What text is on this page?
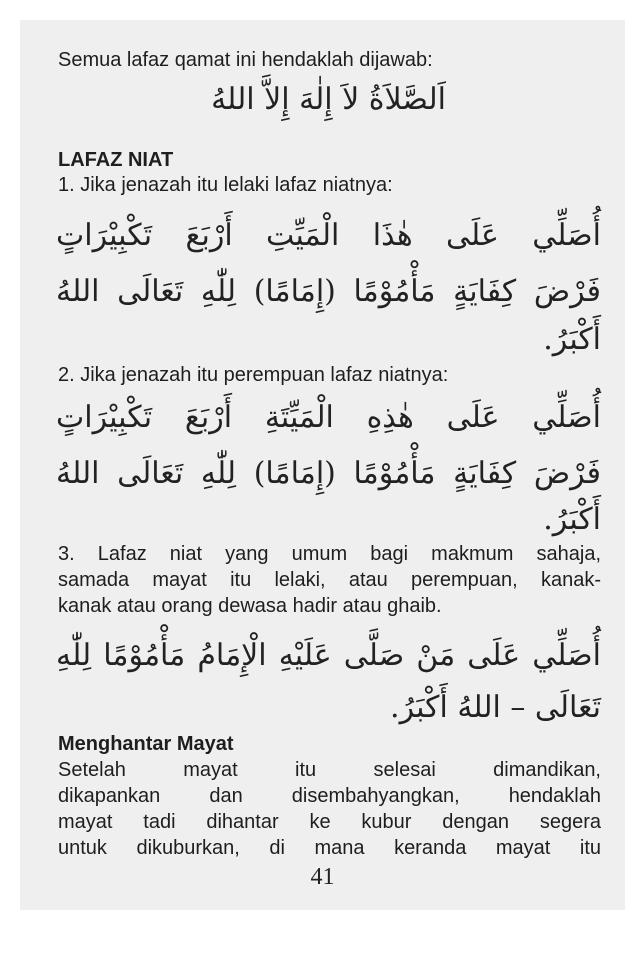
Semua lafaz qamat ini hendaklah dijawab:

اَلصَّلاَةُ لاَ إِلٰهَ إِلاَّ اللهُ

LAFAZ NIAT

1. Jika jenazah itu lelaki lafaz niatnya:

أُصَلِّي عَلَى هٰذَا الْمَيِّتِ أَرْبَعَ تَكْبِيْرَاتٍ
فَرْضَ كِفَايَةٍ مَأْمُوْمًا (إِمَامًا) لِلّٰهِ تَعَالَى اللهُ
أَكْبَرُ.

2. Jika jenazah itu perempuan lafaz niatnya:

أُصَلِّي عَلَى هٰذِهِ الْمَيِّتَةِ أَرْبَعَ تَكْبِيْرَاتٍ
فَرْضَ كِفَايَةٍ مَأْمُوْمًا (إِمَامًا) لِلّٰهِ تَعَالَى اللهُ
أَكْبَرُ.

3. Lafaz niat yang umum bagi makmum sahaja,

samada mayat itu lelaki, atau perempuan, kanak-

kanak atau orang dewasa hadir atau ghaib.

أُصَلِّي عَلَى مَنْ صَلَّى عَلَيْهِ الْإِمَامُ مَأْمُوْمًا لِلّٰهِ
تَعَالَى – اللهُ أَكْبَرُ.

Menghantar Mayat

Setelah mayat itu selesai dimandikan,

dikapankan dan disembahyangkan, hendaklah

mayat tadi dihantar ke kubur dengan segera

untuk dikuburkan, di mana keranda mayat itu

41
